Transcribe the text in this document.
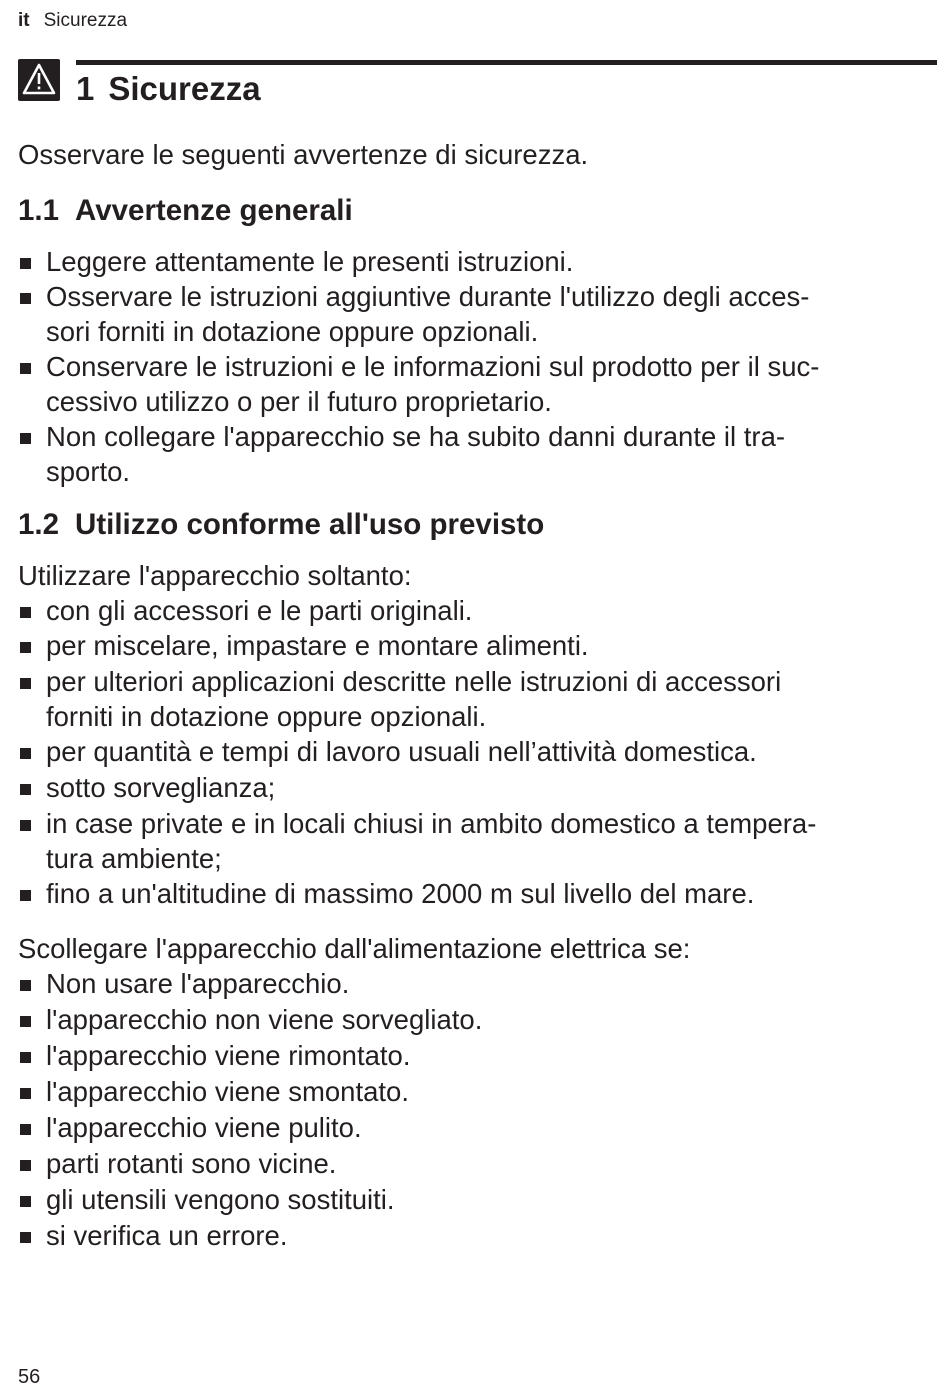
it Sicurezza
1 Sicurezza

Osservare le seguenti avvertenze di sicurezza.

1.1 Avvertenze generali
Leggere attentamente le presenti istruzioni.
Osservare le istruzioni aggiuntive durante l'utilizzo degli acces-
sori forniti in dotazione oppure opzionali.
Conservare le istruzioni e le informazioni sul prodotto per il suc-
cessivo utilizzo o per il futuro proprietario.
Non collegare l'apparecchio se ha subito danni durante il tra-
sporto.
1.2 Utilizzo conforme all'uso previsto

Utilizzare l'apparecchio soltanto:

con gli accessori e le parti originali.
per miscelare, impastare e montare alimenti.
per ulteriori applicazioni descritte nelle istruzioni di accessori
forniti in dotazione oppure opzionali.
per quantità e tempi di lavoro usuali nell’attività domestica.
sotto sorveglianza;
in case private e in locali chiusi in ambito domestico a tempera-
tura ambiente;
fino a un'altitudine di massimo 2000 m sul livello del mare.

Scollegare l'apparecchio dall'alimentazione elettrica se:

Non usare l'apparecchio.
l'apparecchio non viene sorvegliato.
l'apparecchio viene rimontato.
l'apparecchio viene smontato.
l'apparecchio viene pulito.
parti rotanti sono vicine.
gli utensili vengono sostituiti.
si verifica un errore.
56
